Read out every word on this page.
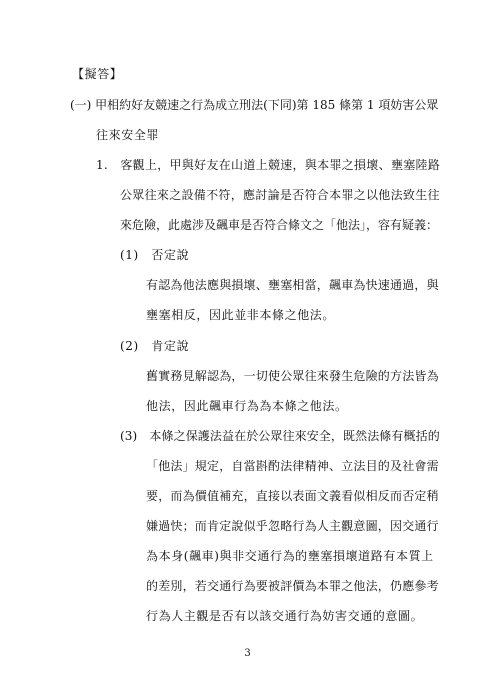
【擬答】
(一) 甲相約好友競速之行為成立刑法(下同)第 185 條第 1 項妨害公眾
往來安全罪
1.　客觀上，甲與好友在山道上競速，與本罪之損壞、壅塞陸路
公眾往來之設備不符，應討論是否符合本罪之以他法致生往
來危險，此處涉及飆車是否符合條文之「他法」，容有疑義：
(1)　否定說
有認為他法應與損壞、壅塞相當，飆車為快速通過，與
壅塞相反，因此並非本條之他法。
(2)　肯定說
舊實務見解認為，一切使公眾往來發生危險的方法皆為
他法，因此飆車行為為本條之他法。
(3)　本條之保護法益在於公眾往來安全，既然法條有概括的
「他法」規定，自當斟酌法律精神、立法目的及社會需
要，而為價值補充，直接以表面文義看似相反而否定稍
嫌過快；而肯定說似乎忽略行為人主觀意圖，因交通行
為本身(飆車)與非交通行為的壅塞損壞道路有本質上
的差別，若交通行為要被評價為本罪之他法，仍應參考
行為人主觀是否有以該交通行為妨害交通的意圖。
3
